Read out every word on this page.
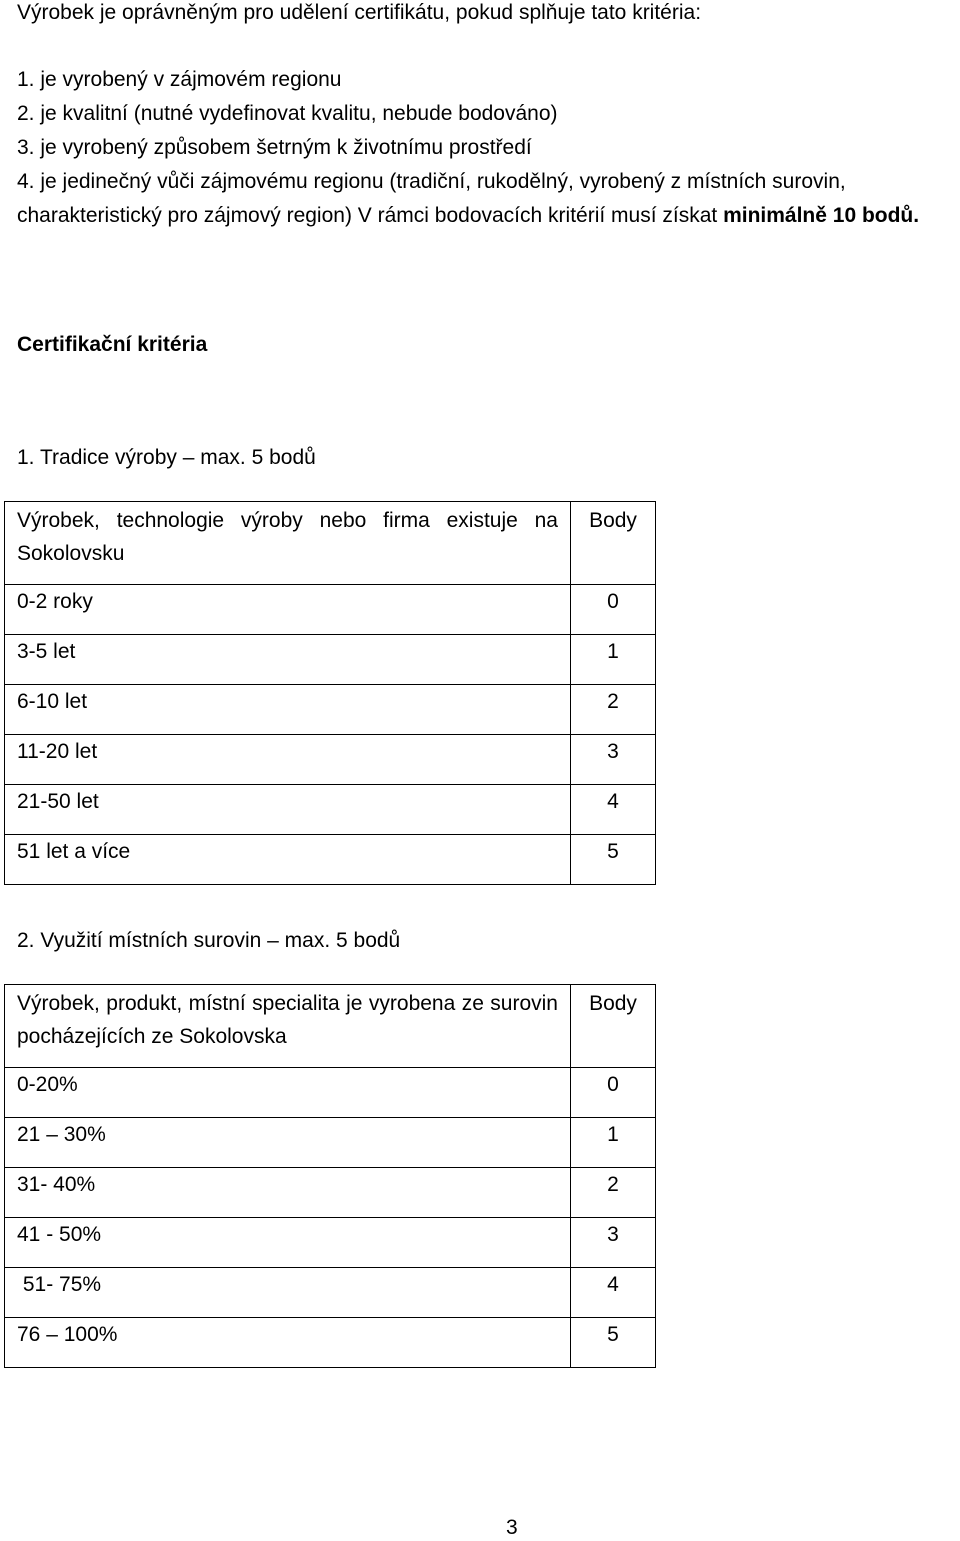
Výrobek je oprávněným pro udělení certifikátu, pokud splňuje tato kritéria:
1. je vyrobený v zájmovém regionu
2. je kvalitní (nutné vydefinovat kvalitu, nebude bodováno)
3. je vyrobený způsobem šetrným k životnímu prostředí
4. je jedinečný vůči zájmovému regionu (tradiční, rukodělný, vyrobený z místních surovin, charakteristický pro zájmový region) V rámci bodovacích kritérií musí získat minimálně 10 bodů.
Certifikační kritéria
1. Tradice výroby – max. 5 bodů
Výrobek, technologie výroby nebo firma existuje na Sokolovsku	Body
0-2 roky	0
3-5 let	1
6-10 let	2
11-20 let	3
21-50 let	4
51 let a více	5
2. Využití místních surovin – max. 5 bodů
Výrobek, produkt, místní specialita je vyrobena ze surovin pocházejících ze Sokolovska	Body
0-20%	0
21 – 30%	1
31- 40%	2
41 - 50%	3
51- 75%	4
76 – 100%	5
3
